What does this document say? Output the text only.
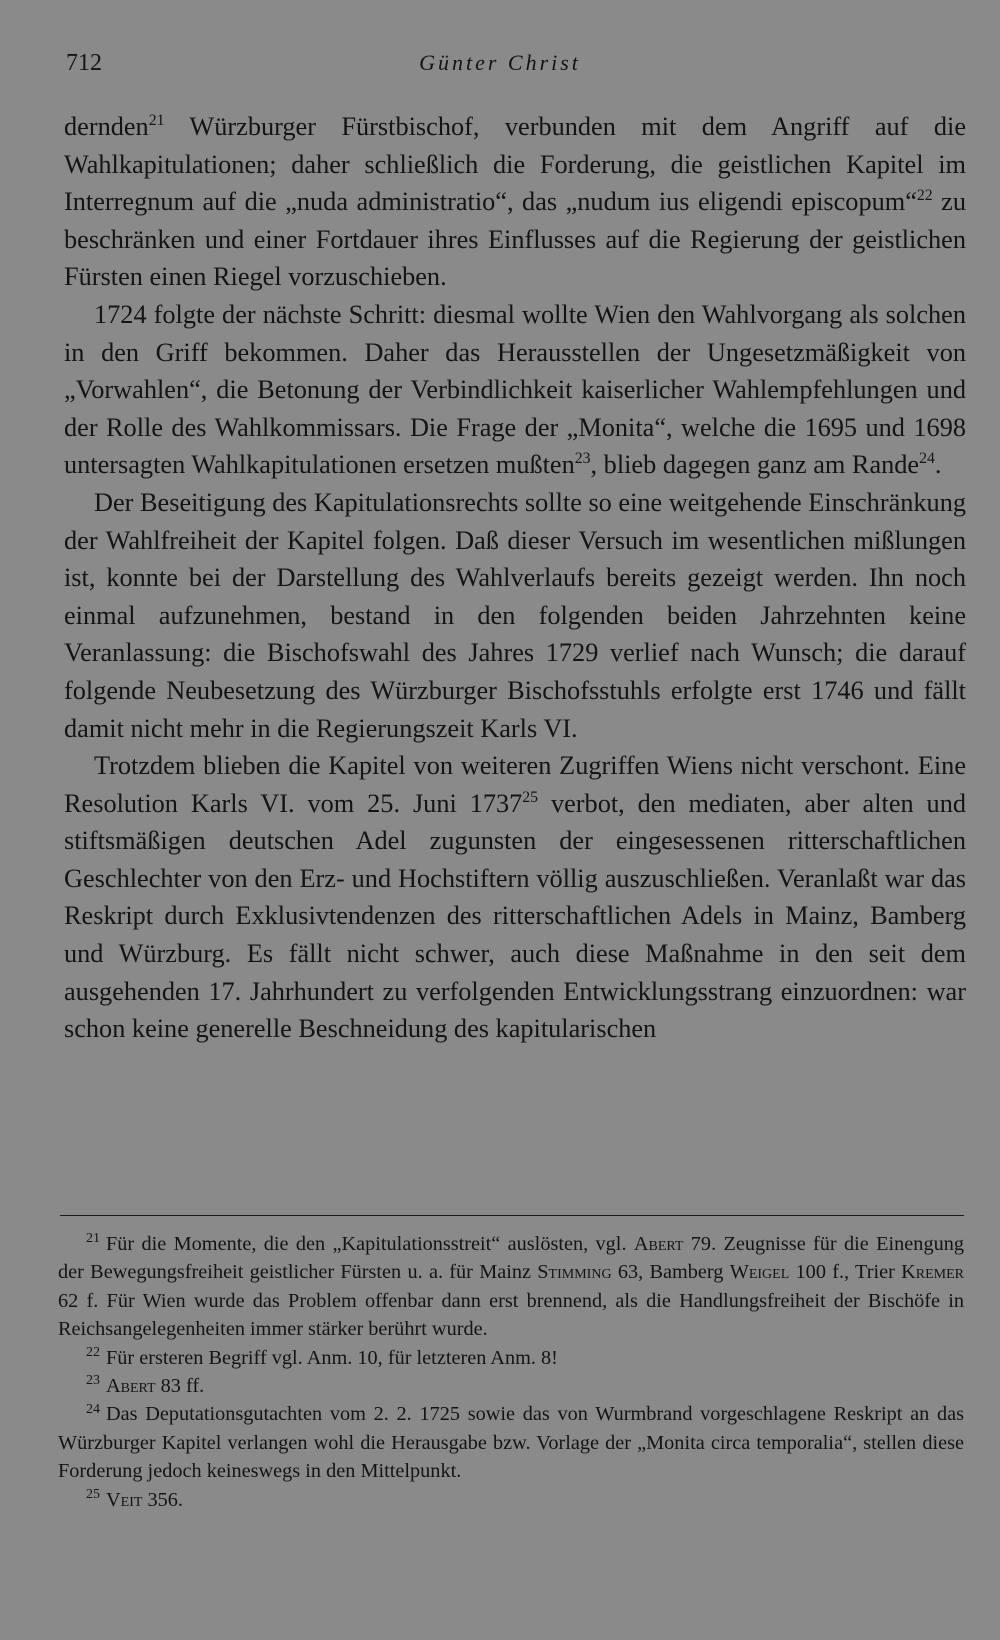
712	Günter Christ

dernden$^{21}$ Würzburger Fürstbischof, verbunden mit dem Angriff auf die Wahlkapitulationen; daher schließlich die Forderung, die geistlichen Kapitel im Interregnum auf die „nuda administratio“, das „nudum ius eligendi episcopum“$^{22}$ zu beschränken und einer Fortdauer ihres Einflusses auf die Regierung der geistlichen Fürsten einen Riegel vorzuschieben.

1724 folgte der nächste Schritt: diesmal wollte Wien den Wahlvorgang als solchen in den Griff bekommen. Daher das Herausstellen der Ungesetzmäßigkeit von „Vorwahlen“, die Betonung der Verbindlichkeit kaiserlicher Wahlempfehlungen und der Rolle des Wahlkommissars. Die Frage der „Monita“, welche die 1695 und 1698 untersagten Wahlkapitulationen ersetzen mußten$^{23}$, blieb dagegen ganz am Rande$^{24}$.

Der Beseitigung des Kapitulationsrechts sollte so eine weitgehende Einschränkung der Wahlfreiheit der Kapitel folgen. Daß dieser Versuch im wesentlichen mißlungen ist, konnte bei der Darstellung des Wahlverlaufs bereits gezeigt werden. Ihn noch einmal aufzunehmen, bestand in den folgenden beiden Jahrzehnten keine Veranlassung: die Bischofswahl des Jahres 1729 verlief nach Wunsch; die darauf folgende Neubesetzung des Würzburger Bischofsstuhls erfolgte erst 1746 und fällt damit nicht mehr in die Regierungszeit Karls VI.

Trotzdem blieben die Kapitel von weiteren Zugriffen Wiens nicht verschont. Eine Resolution Karls VI. vom 25. Juni 1737$^{25}$ verbot, den mediaten, aber alten und stiftsmäßigen deutschen Adel zugunsten der eingesessenen ritterschaftlichen Geschlechter von den Erz- und Hochstiftern völlig auszuschließen. Veranlaßt war das Reskript durch Exklusivtendenzen des ritterschaftlichen Adels in Mainz, Bamberg und Würzburg. Es fällt nicht schwer, auch diese Maßnahme in den seit dem ausgehenden 17. Jahrhundert zu verfolgenden Entwicklungsstrang einzuordnen: war schon keine generelle Beschneidung des kapitularischen

$^{21}$ Für die Momente, die den „Kapitulationsstreit“ auslösten, vgl. Abert 79. Zeugnisse für die Einengung der Bewegungsfreiheit geistlicher Fürsten u. a. für Mainz Stimming 63, Bamberg Weigel 100 f., Trier Kremer 62 f. Für Wien wurde das Problem offenbar dann erst brennend, als die Handlungsfreiheit der Bischöfe in Reichsangelegenheiten immer stärker berührt wurde.

$^{22}$ Für ersteren Begriff vgl. Anm. 10, für letzteren Anm. 8!

$^{23}$ Abert 83 ff.

$^{24}$ Das Deputationsgutachten vom 2. 2. 1725 sowie das von Wurmbrand vorgeschlagene Reskript an das Würzburger Kapitel verlangen wohl die Herausgabe bzw. Vorlage der „Monita circa temporalia“, stellen diese Forderung jedoch keineswegs in den Mittelpunkt.

$^{25}$ Veit 356.
